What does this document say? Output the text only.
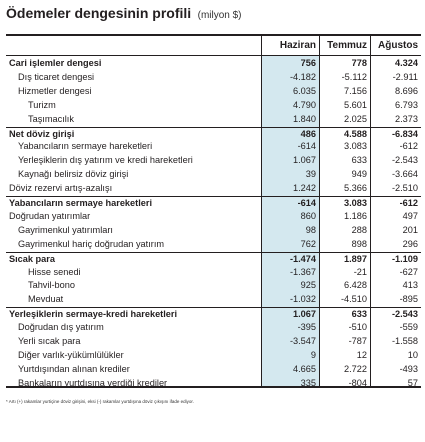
Ödemeler dengesinin profili (milyon $)
Haziran	Temmuz	Ağustos
Cari işlemler dengesi	756	778	4.324
Dış ticaret dengesi	-4.182	-5.112	-2.911
Hizmetler dengesi	6.035	7.156	8.696
Turizm	4.790	5.601	6.793
Taşımacılık	1.840	2.025	2.373
Net döviz girişi	486	4.588	-6.834
Yabancıların sermaye hareketleri	-614	3.083	-612
Yerleşiklerin dış yatırım ve kredi hareketleri	1.067	633	-2.543
Kaynağı belirsiz döviz girişi	39	949	-3.664
Döviz rezervi artış-azalışı	1.242	5.366	-2.510
Yabancıların sermaye hareketleri	-614	3.083	-612
Doğrudan yatırımlar	860	1.186	497
Gayrimenkul yatırımları	98	288	201
Gayrimenkul hariç doğrudan yatırım	762	898	296
Sıcak para	-1.474	1.897	-1.109
Hisse senedi	-1.367	-21	-627
Tahvil-bono	925	6.428	413
Mevduat	-1.032	-4.510	-895
Yerleşiklerin sermaye-kredi hareketleri	1.067	633	-2.543
Doğrudan dış yatırım	-395	-510	-559
Yerli sıcak para	-3.547	-787	-1.558
Diğer varlık-yükümlülükler	9	12	10
Yurtdışından alınan krediler	4.665	2.722	-493
Bankaların yurtdışına verdiği krediler	335	-804	57
* Artı (+) rakamlar yurtiçine döviz girişini, eksi (-) rakamlar yurtdışına döviz çıkışını ifade ediyor.
